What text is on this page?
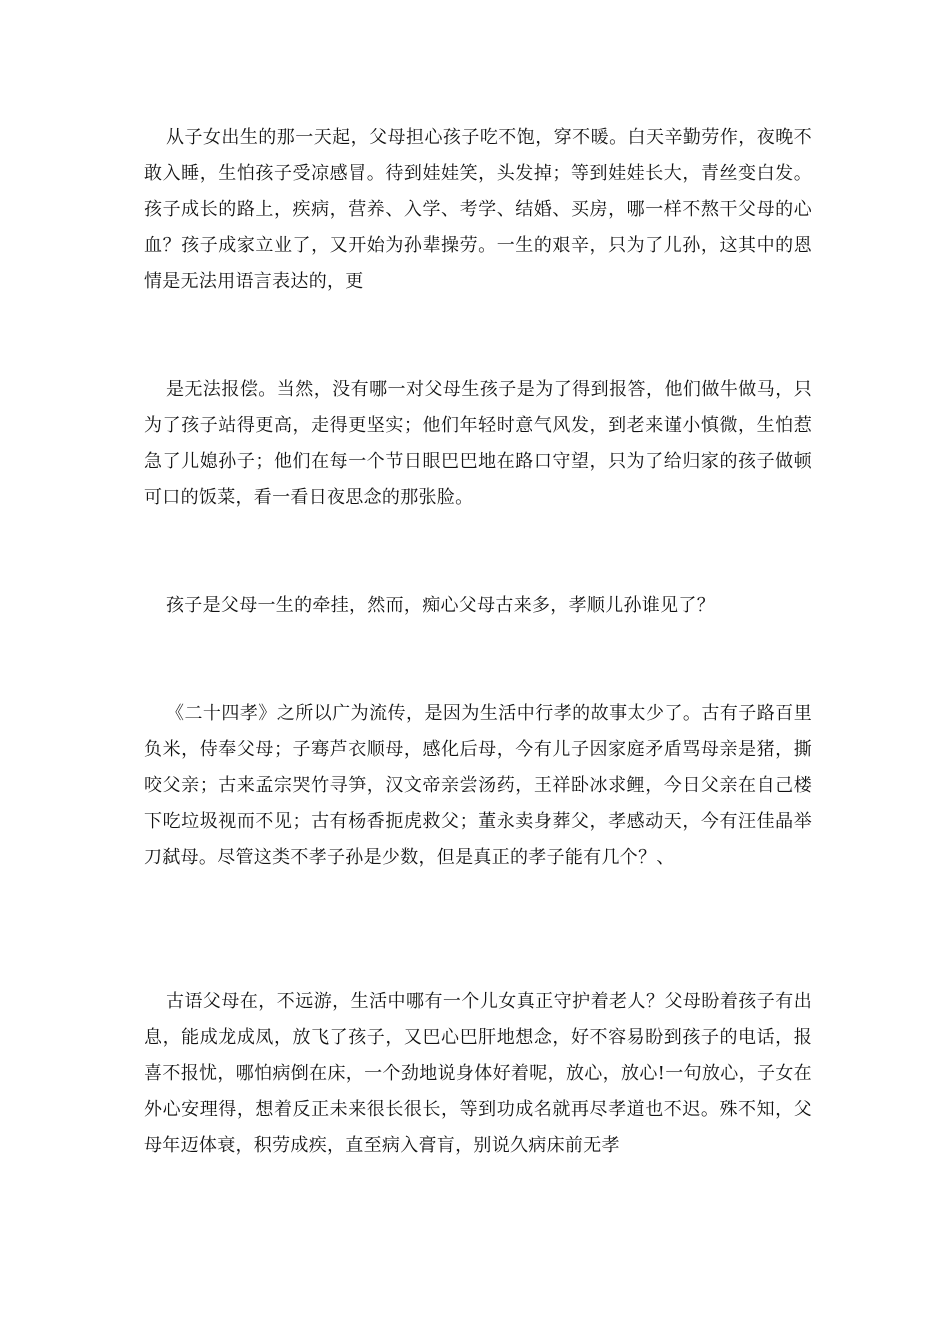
从子女出生的那一天起，父母担心孩子吃不饱，穿不暖。白天辛勤劳作，夜晚不敢入睡，生怕孩子受凉感冒。待到娃娃笑，头发掉；等到娃娃长大，青丝变白发。孩子成长的路上，疾病，营养、入学、考学、结婚、买房，哪一样不熬干父母的心血？孩子成家立业了，又开始为孙辈操劳。一生的艰辛，只为了儿孙，这其中的恩情是无法用语言表达的，更

是无法报偿。当然，没有哪一对父母生孩子是为了得到报答，他们做牛做马，只为了孩子站得更高，走得更坚实；他们年轻时意气风发，到老来谨小慎微，生怕惹急了儿媳孙子；他们在每一个节日眼巴巴地在路口守望，只为了给归家的孩子做顿可口的饭菜，看一看日夜思念的那张脸。

孩子是父母一生的牵挂，然而，痴心父母古来多，孝顺儿孙谁见了？

《二十四孝》之所以广为流传，是因为生活中行孝的故事太少了。古有子路百里负米，侍奉父母；子骞芦衣顺母，感化后母，今有儿子因家庭矛盾骂母亲是猪，撕咬父亲；古来孟宗哭竹寻笋，汉文帝亲尝汤药，王祥卧冰求鲤，今日父亲在自己楼下吃垃圾视而不见；古有杨香扼虎救父；董永卖身葬父，孝感动天，今有汪佳晶举刀弑母。尽管这类不孝子孙是少数，但是真正的孝子能有几个？、

古语父母在，不远游，生活中哪有一个儿女真正守护着老人？父母盼着孩子有出息，能成龙成凤，放飞了孩子，又巴心巴肝地想念，好不容易盼到孩子的电话，报喜不报忧，哪怕病倒在床，一个劲地说身体好着呢，放心，放心!一句放心，子女在外心安理得，想着反正未来很长很长，等到功成名就再尽孝道也不迟。殊不知，父母年迈体衰，积劳成疾，直至病入膏肓，别说久病床前无孝
